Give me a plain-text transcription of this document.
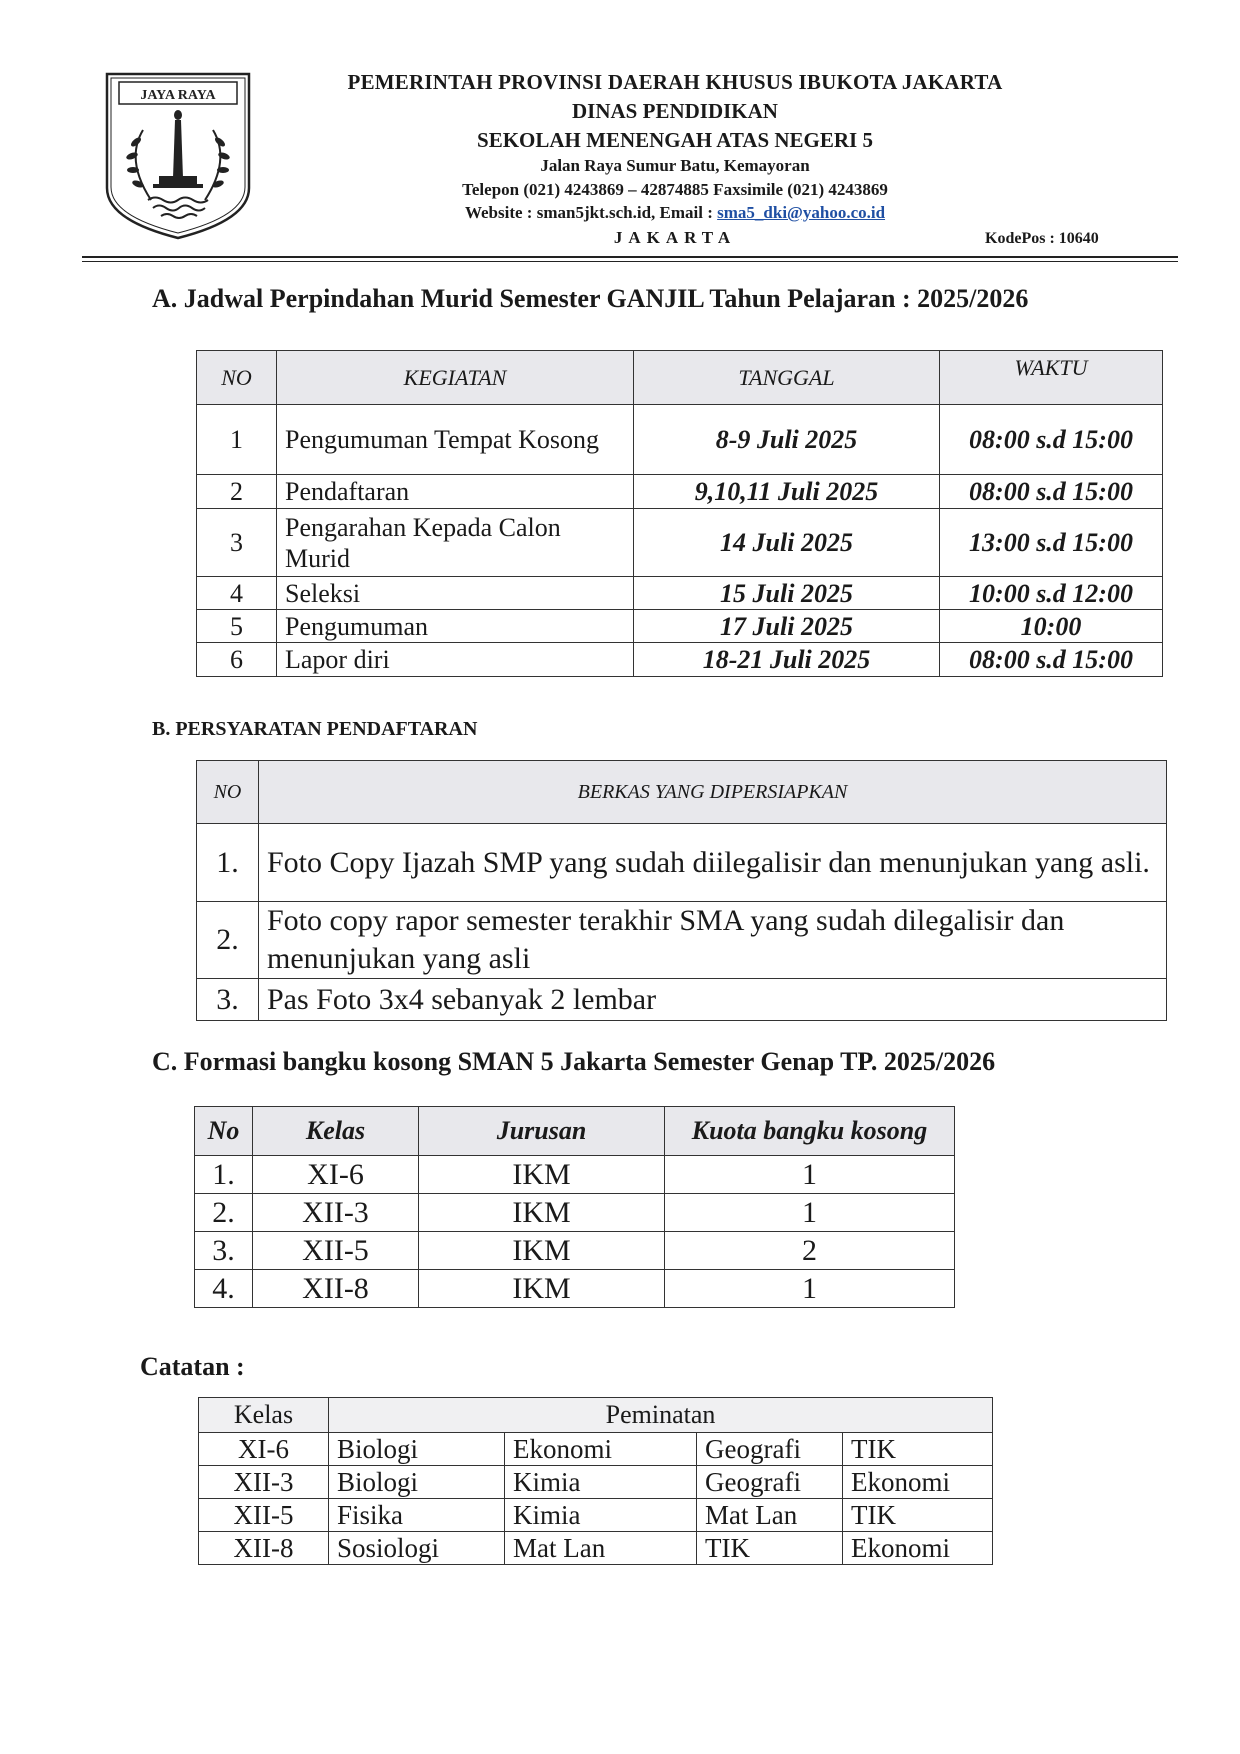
JAYA RAYA
PEMERINTAH PROVINSI DAERAH KHUSUS IBUKOTA JAKARTA
DINAS PENDIDIKAN
SEKOLAH MENENGAH ATAS NEGERI 5
Jalan Raya Sumur Batu, Kemayoran
Telepon (021) 4243869 – 42874885 Faxsimile (021) 4243869
Website : sman5jkt.sch.id, Email : sma5_dki@yahoo.co.id
JAKARTA	KodePos : 10640
A. Jadwal Perpindahan Murid Semester GANJIL Tahun Pelajaran : 2025/2026
NO	KEGIATAN	TANGGAL	WAKTU
1	Pengumuman Tempat Kosong	8-9 Juli 2025	08:00 s.d 15:00
2	Pendaftaran	9,10,11 Juli 2025	08:00 s.d 15:00
3	Pengarahan Kepada Calon Murid	14 Juli 2025	13:00 s.d 15:00
4	Seleksi	15 Juli 2025	10:00 s.d 12:00
5	Pengumuman	17 Juli 2025	10:00
6	Lapor diri	18-21 Juli 2025	08:00 s.d 15:00
B. PERSYARATAN PENDAFTARAN
NO	BERKAS YANG DIPERSIAPKAN
1.	Foto Copy Ijazah SMP yang sudah diilegalisir dan menunjukan yang asli.
2.	Foto copy rapor semester terakhir SMA yang sudah dilegalisir dan menunjukan yang asli
3.	Pas Foto 3x4 sebanyak 2 lembar
C. Formasi bangku kosong SMAN 5 Jakarta Semester Genap TP. 2025/2026
No	Kelas	Jurusan	Kuota bangku kosong
1.	XI-6	IKM	1
2.	XII-3	IKM	1
3.	XII-5	IKM	2
4.	XII-8	IKM	1
Catatan :
Kelas	Peminatan			
XI-6	Biologi	Ekonomi	Geografi	TIK
XII-3	Biologi	Kimia	Geografi	Ekonomi
XII-5	Fisika	Kimia	Mat Lan	TIK
XII-8	Sosiologi	Mat Lan	TIK	Ekonomi
